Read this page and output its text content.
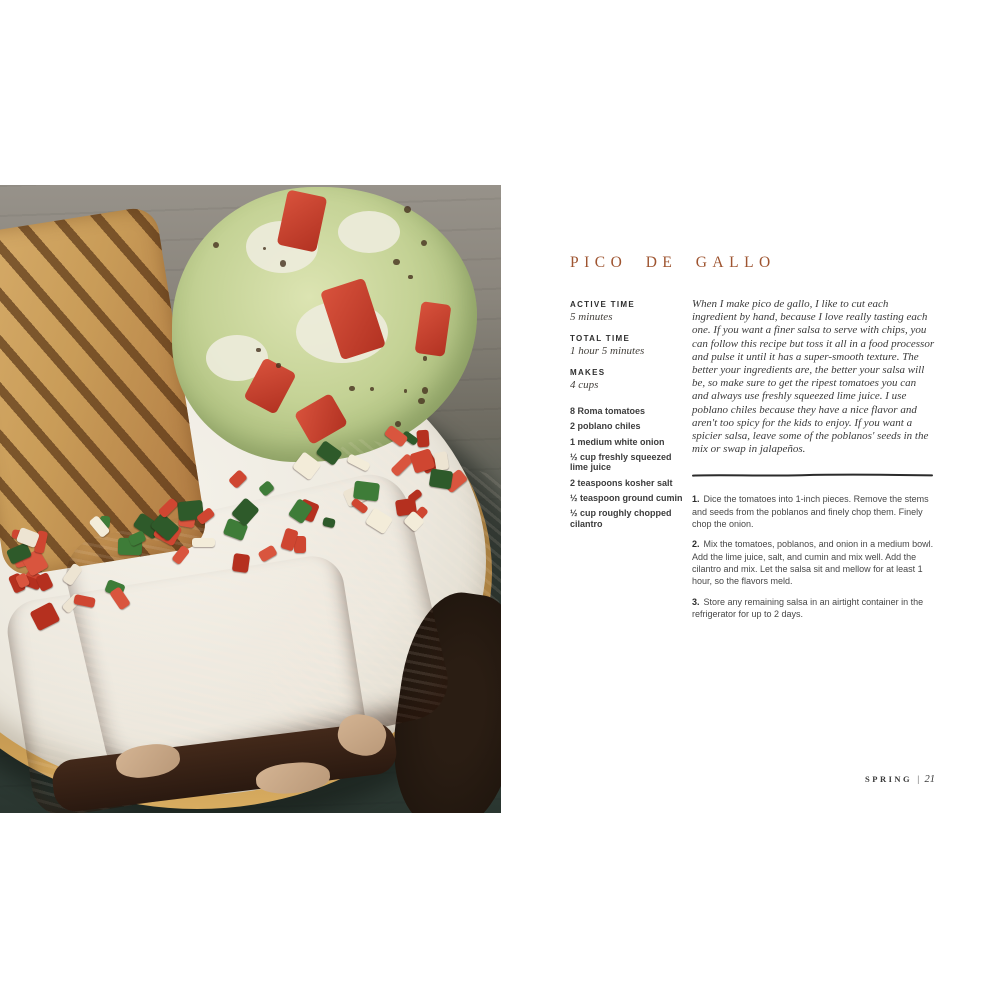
PICO DE GALLO
ACTIVE TIME
5 minutes
TOTAL TIME
1 hour 5 minutes
MAKES
4 cups
8 Roma tomatoes
2 poblano chiles
1 medium white onion
½ cup freshly squeezed lime juice
2 teaspoons kosher salt
½ teaspoon ground cumin
½ cup roughly chopped cilantro

When I make pico de gallo, I like to cut each ingredient by hand, because I love really tasting each one. If you want a finer salsa to serve with chips, you can follow this recipe but toss it all in a food processor and pulse it until it has a super-smooth texture. The better your ingredients are, the better your salsa will be, so make sure to get the ripest tomatoes you can and always use freshly squeezed lime juice. I use poblano chiles because they have a nice flavor and aren't too spicy for the kids to enjoy. If you want a spicier salsa, leave some of the poblanos' seeds in the mix or swap in jalapeños.

1. Dice the tomatoes into 1-inch pieces. Remove the stems and seeds from the poblanos and finely chop them. Finely chop the onion.

2. Mix the tomatoes, poblanos, and onion in a medium bowl. Add the lime juice, salt, and cumin and mix well. Add the cilantro and mix. Let the salsa sit and mellow for at least 1 hour, so the flavors meld.

3. Store any remaining salsa in an airtight container in the refrigerator for up to 2 days.

SPRING | 21
